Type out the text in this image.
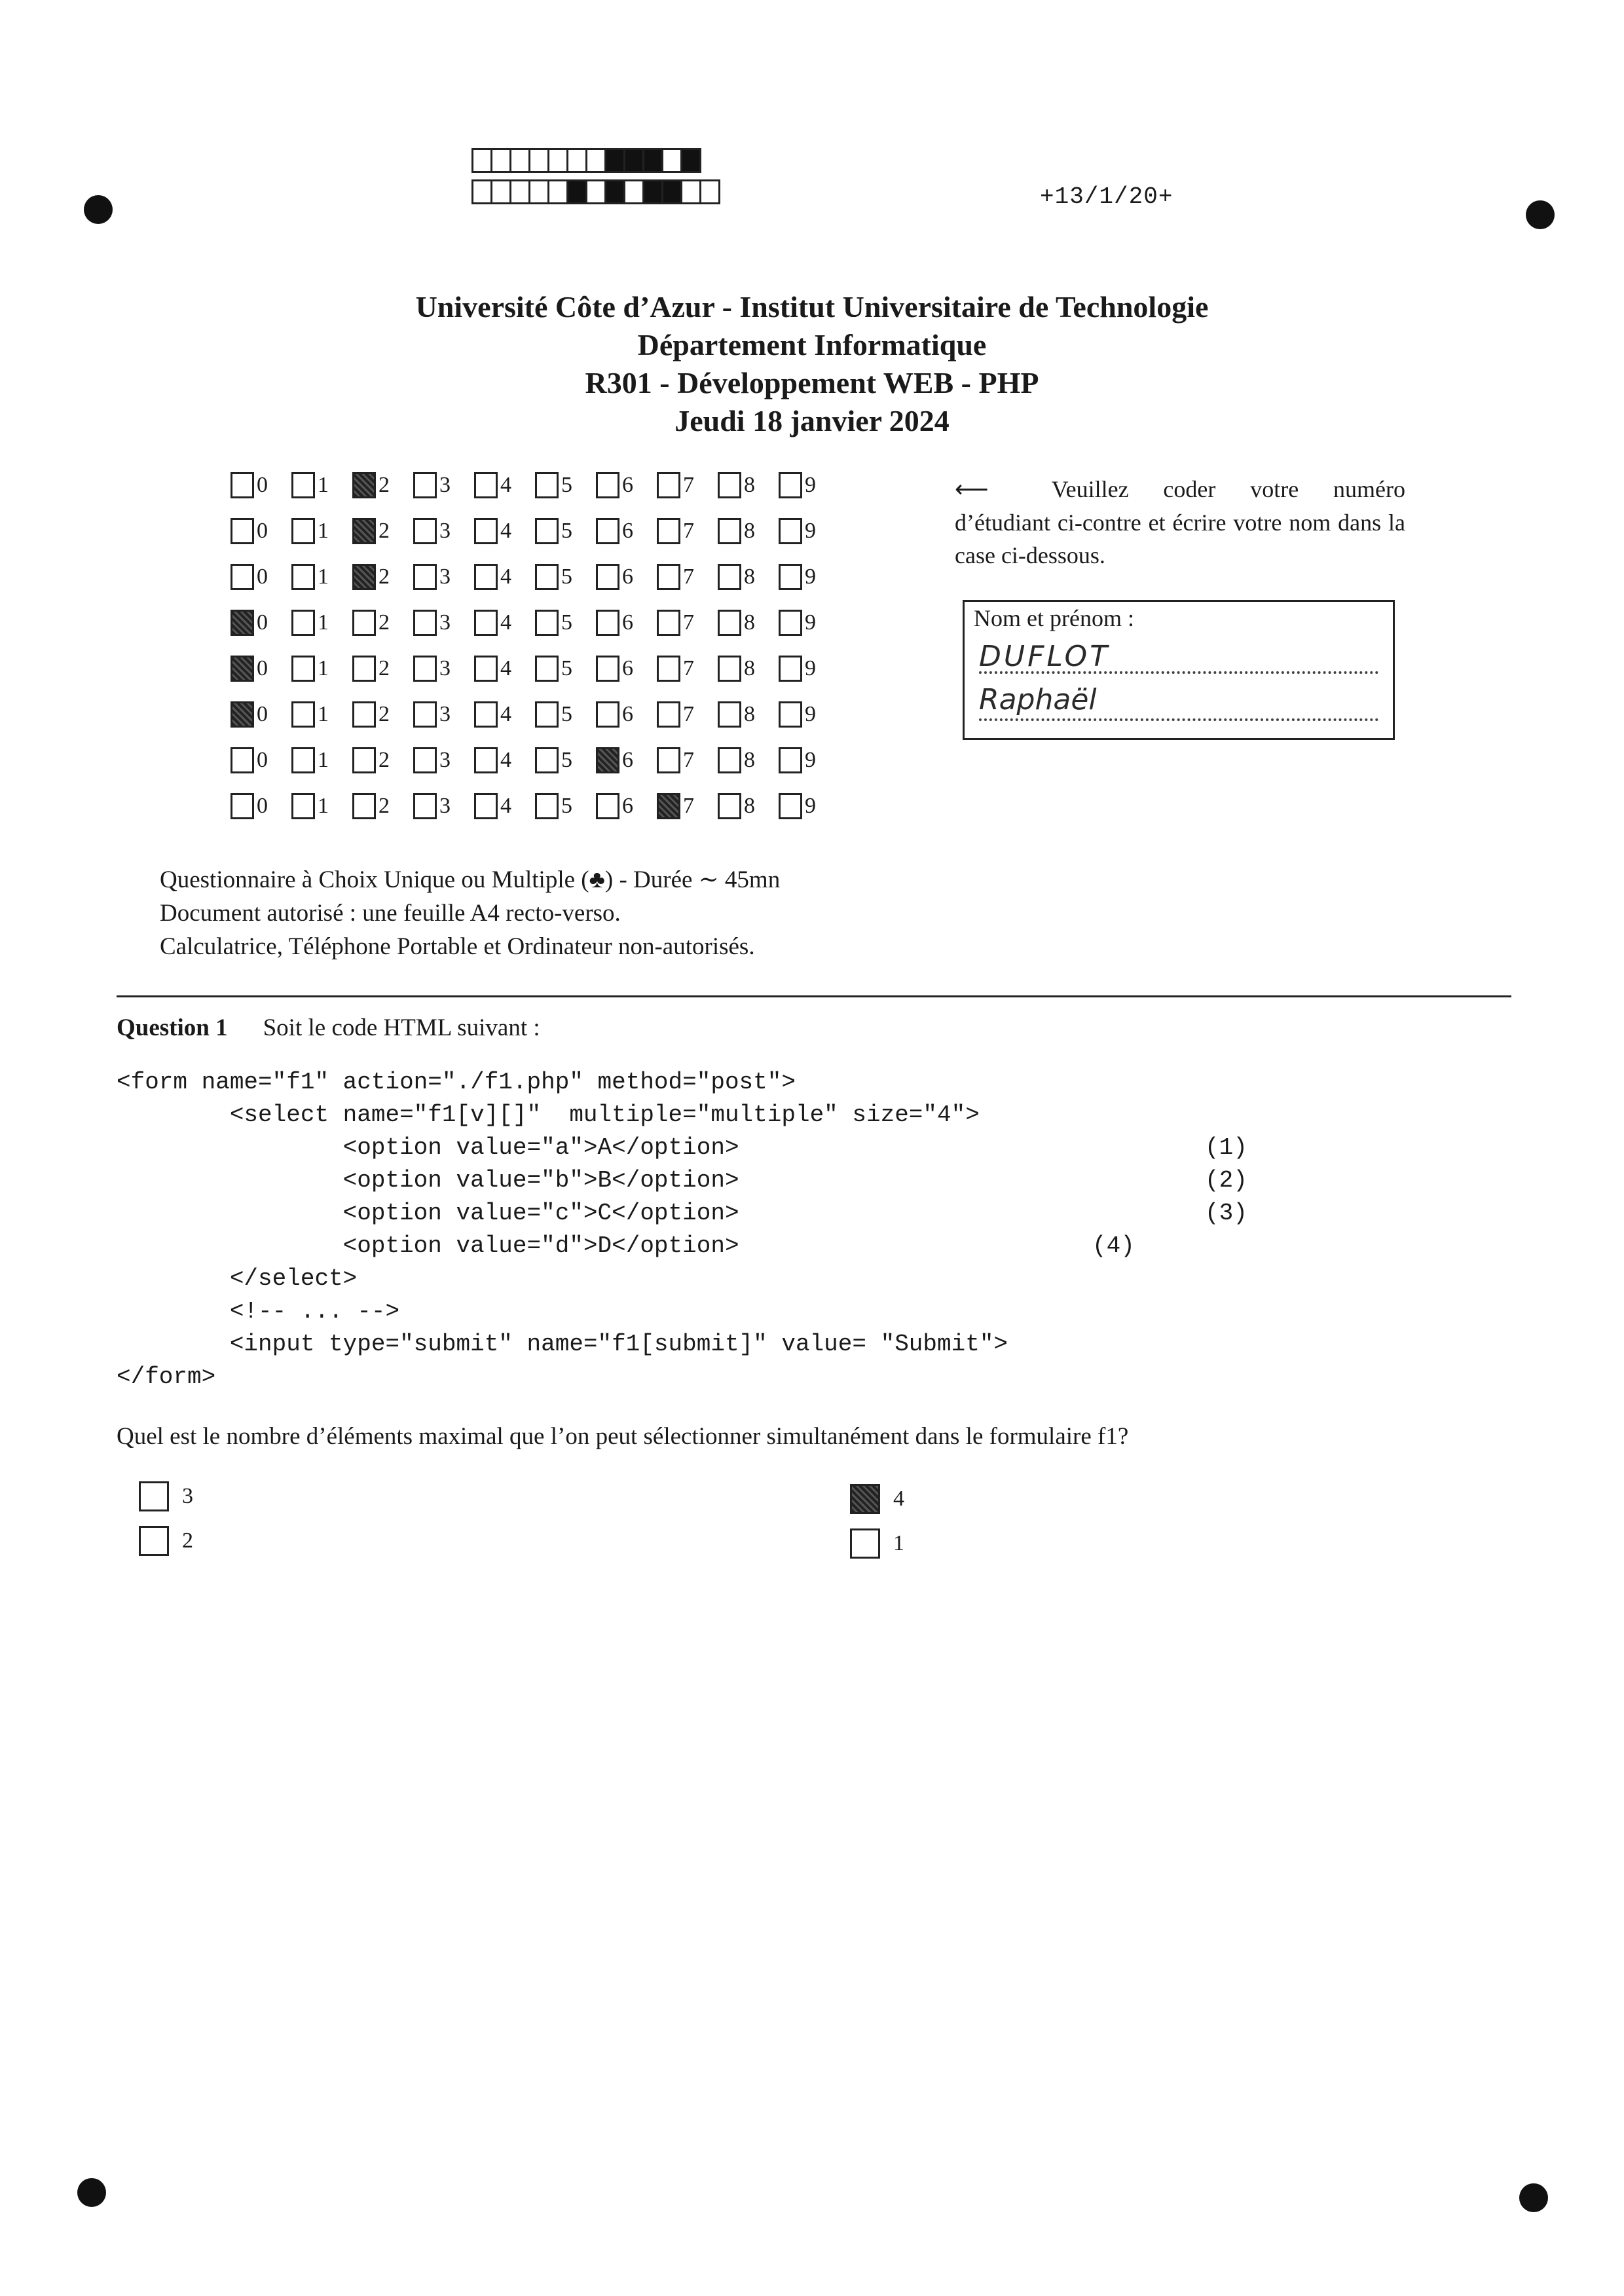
+13/1/20+
Université Côte d’Azur - Institut Universitaire de Technologie
Département Informatique
R301 - Développement WEB - PHP
Jeudi 18 janvier 2024
0 1 2 3 4 5 6 7 8 9
0 1 2 3 4 5 6 7 8 9
0 1 2 3 4 5 6 7 8 9
0 1 2 3 4 5 6 7 8 9
0 1 2 3 4 5 6 7 8 9
0 1 2 3 4 5 6 7 8 9
0 1 2 3 4 5 6 7 8 9
0 1 2 3 4 5 6 7 8 9
⟵	Veuillez coder votre numéro d’étudiant ci-contre et écrire votre nom dans la case ci-dessous.
Nom et prénom :
DUFLOT
Raphaël
Questionnaire à Choix Unique ou Multiple (♣) - Durée ∼ 45mn
Document autorisé : une feuille A4 recto-verso.
Calculatrice, Téléphone Portable et Ordinateur non-autorisés.
Question 1 Soit le code HTML suivant :
<form name="f1" action="./f1.php" method="post">
<select name="f1[v][]"  multiple="multiple" size="4">
<option value="a">A</option>
<option value="b">B</option>
<option value="c">C</option>
<option value="d">D</option>
</select>
<!-- ... -->
<input type="submit" name="f1[submit]" value= "Submit">
</form>
(1)
(2)
(3)
(4)
Quel est le nombre d’éléments maximal que l’on peut sélectionner simultanément dans le formulaire f1?
3
2
4
1
